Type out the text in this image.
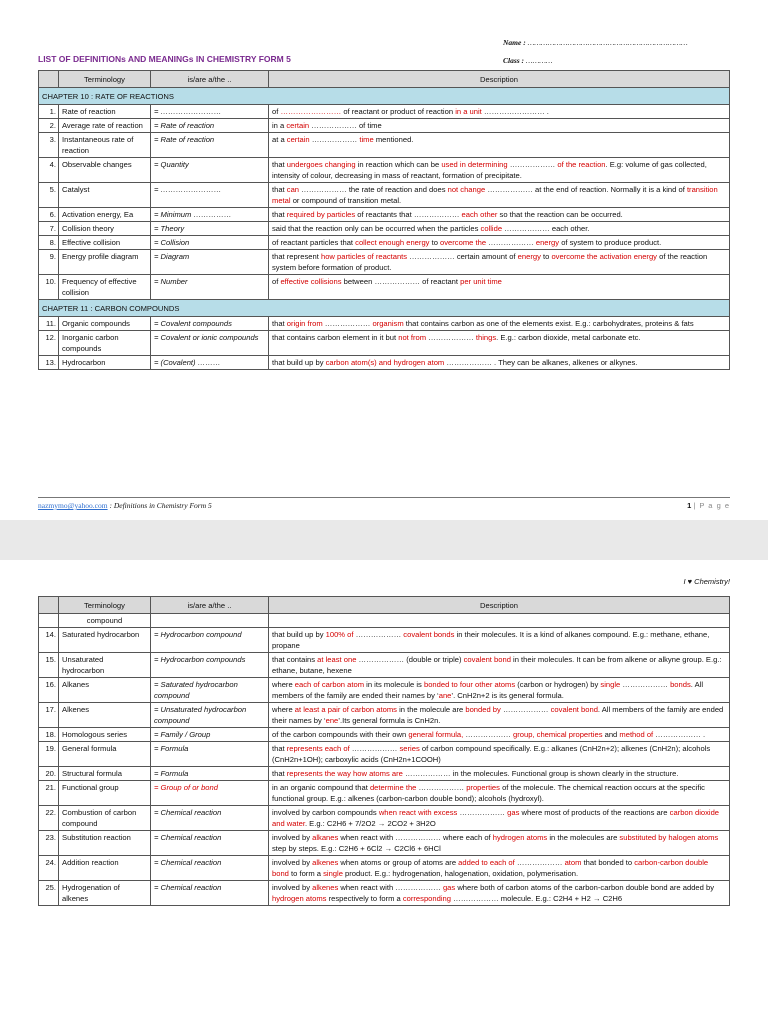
LIST OF DEFINITIONs AND MEANINGs IN CHEMISTRY FORM 5
Name : ………………………………………………………………
Class : …………
	Terminology	is/are a/the ..	Description
CHAPTER 10 : RATE OF REACTIONS			
1.	Rate of reaction	= ……………………	of …………………… of reactant or product of reaction in a unit …………………… .
2.	Average rate of reaction	= Rate of reaction	in a certain ……………… of time
3.	Instantaneous rate of reaction	= Rate of reaction	at a certain ……………… time mentioned.
4.	Observable changes	= Quantity	that undergoes changing in reaction which can be used in determining ……………… of the reaction. E.g: volume of gas collected, intensity of colour, decreasing in mass of reactant, formation of precipitate.
5.	Catalyst	= ……………………	that can ……………… the rate of reaction and does not change ……………… at the end of reaction. Normally it is a kind of transition metal or compound of transition metal.
6.	Activation energy, Ea	= Minimum ……………	that required by particles of reactants that ……………… each other so that the reaction can be occurred.
7.	Collision theory	= Theory	said that the reaction only can be occurred when the particles collide ……………… each other.
8.	Effective collision	= Collision	of reactant particles that collect enough energy to overcome the ……………… energy of system to produce product.
9.	Energy profile diagram	= Diagram	that represent how particles of reactants ……………… certain amount of energy to overcome the activation energy of the reaction system before formation of product.
10.	Frequency of effective collision	= Number	of effective collisions between ……………… of reactant per unit time
CHAPTER 11 : CARBON COMPOUNDS			
11.	Organic compounds	= Covalent compounds	that origin from ……………… organism that contains carbon as one of the elements exist. E.g.: carbohydrates, proteins & fats
12.	Inorganic carbon compounds	= Covalent or ionic compounds	that contains carbon element in it but not from ……………… things. E.g.: carbon dioxide, metal carbonate etc.
13.	Hydrocarbon	= (Covalent) ………	that build up by carbon atom(s) and hydrogen atom ……………… . They can be alkanes, alkenes or alkynes.
nazmymo@yahoo.com : Definitions in Chemistry Form 5	1 | P a g e
I ♥ Chemistry!
	Terminology	is/are a/the ..	Description
	compound		
14.	Saturated hydrocarbon	= Hydrocarbon compound	that build up by 100% of ……………… covalent bonds in their molecules. It is a kind of alkanes compound. E.g.: methane, ethane, propane
15.	Unsaturated hydrocarbon	= Hydrocarbon compounds	that contains at least one ……………… (double or triple) covalent bond in their molecules. It can be from alkene or alkyne group. E.g.: ethane, butane, hexene
16.	Alkanes	= Saturated hydrocarbon compound	where each of carbon atom in its molecule is bonded to four other atoms (carbon or hydrogen) by single ……………… bonds. All members of the family are ended their names by ‘ane’. CnH2n+2 is its general formula.
17.	Alkenes	= Unsaturated hydrocarbon compound	where at least a pair of carbon atoms in the molecule are bonded by ……………… covalent bond. All members of the family are ended their names by ‘ene’.Its general formula is CnH2n.
18.	Homologous series	= Family / Group	of the carbon compounds with their own general formula, ……………… group, chemical properties and method of ……………… .
19.	General formula	= Formula	that represents each of ……………… series of carbon compound specifically. E.g.: alkanes (CnH2n+2); alkenes (CnH2n); alcohols (CnH2n+1OH); carboxylic acids (CnH2n+1COOH)
20.	Structural formula	= Formula	that represents the way how atoms are ……………… in the molecules. Functional group is shown clearly in the structure.
21.	Functional group	= Group of or bond	in an organic compound that determine the ……………… properties of the molecule. The chemical reaction occurs at the specific functional group. E.g.: alkenes (carbon-carbon double bond); alcohols (hydroxyl).
22.	Combustion of carbon compound	= Chemical reaction	involved by carbon compounds when react with excess ……………… gas where most of products of the reactions are carbon dioxide and water. E.g.: C2H6 + 7/2O2 → 2CO2 + 3H2O
23.	Substitution reaction	= Chemical reaction	involved by alkanes when react with ……………… where each of hydrogen atoms in the molecules are substituted by halogen atoms step by steps. E.g.: C2H6 + 6Cl2 → C2Cl6 + 6HCl
24.	Addition reaction	= Chemical reaction	involved by alkenes when atoms or group of atoms are added to each of ……………… atom that bonded to carbon-carbon double bond to form a single product. E.g.: hydrogenation, halogenation, oxidation, polymerisation.
25.	Hydrogenation of alkenes	= Chemical reaction	involved by alkenes when react with ……………… gas where both of carbon atoms of the carbon-carbon double bond are added by hydrogen atoms respectively to form a corresponding ……………… molecule. E.g.: C2H4 + H2 → C2H6
